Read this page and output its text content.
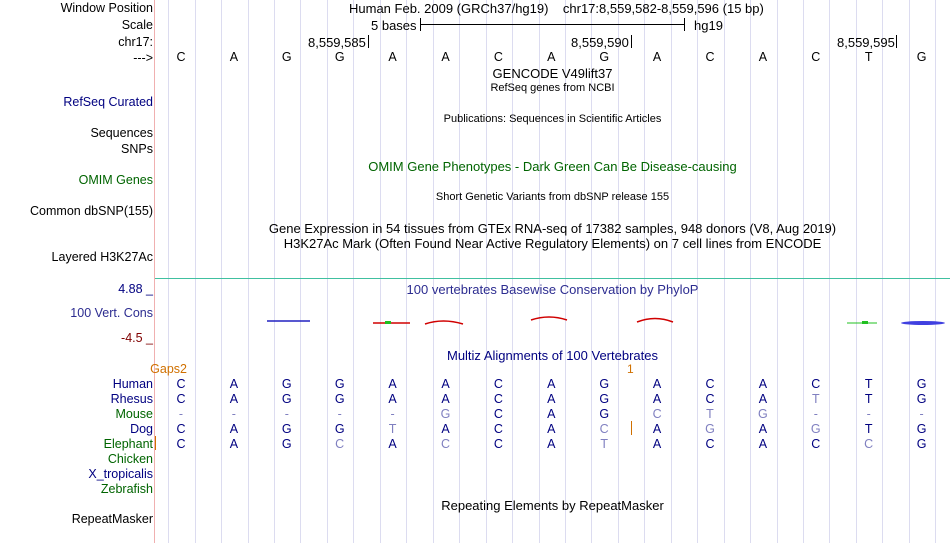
Window Position	Human Feb. 2009 (GRCh37/hg19)    chr17:8,559,582-8,559,596 (15 bp)
Scale	5 bases	hg19
chr17:	8,559,585	8,559,590	8,559,595
--->	C	A	G	G	A	A	C	A	G	A	C	A	C	T	G
GENCODE V49lift37
RefSeq genes from NCBI
RefSeq Curated
Publications: Sequences in Scientific Articles
Sequences
SNPs
OMIM Gene Phenotypes - Dark Green Can Be Disease-causing
OMIM Genes
Short Genetic Variants from dbSNP release 155
Common dbSNP(155)
Gene Expression in 54 tissues from GTEx RNA-seq of 17382 samples, 948 donors (V8, Aug 2019)
H3K27Ac Mark (Often Found Near Active Regulatory Elements) on 7 cell lines from ENCODE
Layered H3K27Ac
4.88 _	100 vertebrates Basewise Conservation by PhyloP
100 Vert. Cons
-4.5 _
Multiz Alignments of 100 Vertebrates
Gaps2	1
Human	C	A	G	G	A	A	C	A	G	A	C	A	C	T	G
Rhesus	C	A	G	G	A	A	C	A	G	A	C	A	T	T	G
Mouse	-	-	-	-	-	G	C	A	G	C	T	G	-	-	-
Dog	C	A	G	G	T	A	C	A	C	A	G	A	G	T	G
Elephant	C	A	G	C	A	C	C	A	T	A	C	A	C	C	G
Chicken
X_tropicalis
Zebrafish
Repeating Elements by RepeatMasker
RepeatMasker
